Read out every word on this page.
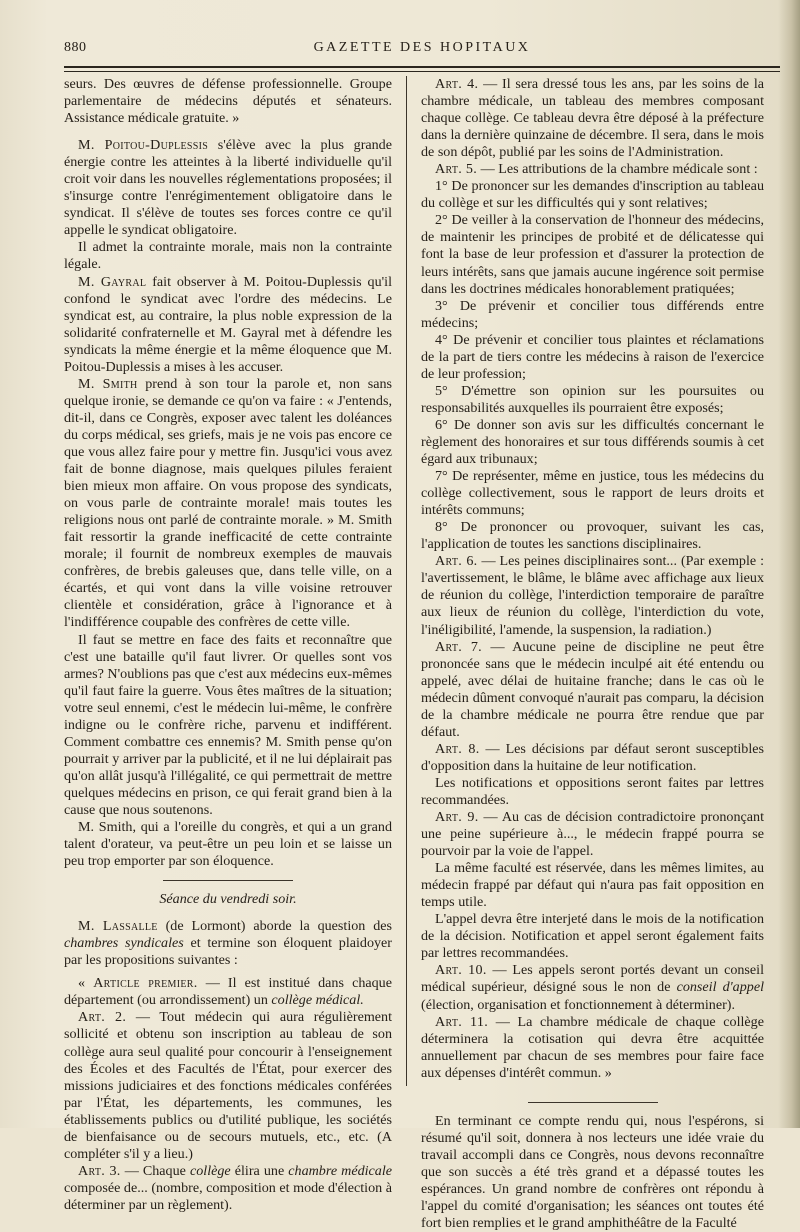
880	GAZETTE DES HOPITAUX

seurs. Des œuvres de défense professionnelle. Groupe parlementaire de médecins députés et sénateurs. Assistance médicale gratuite. »

M. Poitou-Duplessis s'élève avec la plus grande énergie contre les atteintes à la liberté individuelle qu'il croit voir dans les nouvelles réglementations proposées; il s'insurge contre l'enrégimentement obligatoire dans le syndicat. Il s'élève de toutes ses forces contre ce qu'il appelle le syndicat obligatoire.

Il admet la contrainte morale, mais non la contrainte légale.

M. Gayral fait observer à M. Poitou-Duplessis qu'il confond le syndicat avec l'ordre des médecins. Le syndicat est, au contraire, la plus noble expression de la solidarité confraternelle et M. Gayral met à défendre les syndicats la même énergie et la même éloquence que M. Poitou-Duplessis a mises à les accuser.

M. Smith prend à son tour la parole et, non sans quelque ironie, se demande ce qu'on va faire : « J'entends, dit-il, dans ce Congrès, exposer avec talent les doléances du corps médical, ses griefs, mais je ne vois pas encore ce que vous allez faire pour y mettre fin. Jusqu'ici vous avez fait de bonne diagnose, mais quelques pilules feraient bien mieux mon affaire. On vous propose des syndicats, on vous parle de contrainte morale! mais toutes les religions nous ont parlé de contrainte morale. » M. Smith fait ressortir la grande inefficacité de cette contrainte morale; il fournit de nombreux exemples de mauvais confrères, de brebis galeuses que, dans telle ville, on a écartés, et qui vont dans la ville voisine retrouver clientèle et considération, grâce à l'ignorance et à l'indifférence coupable des confrères de cette ville.

Il faut se mettre en face des faits et reconnaître que c'est une bataille qu'il faut livrer. Or quelles sont vos armes? N'oublions pas que c'est aux médecins eux-mêmes qu'il faut faire la guerre. Vous êtes maîtres de la situation; votre seul ennemi, c'est le médecin lui-même, le confrère indigne ou le confrère riche, parvenu et indifférent. Comment combattre ces ennemis? M. Smith pense qu'on pourrait y arriver par la publicité, et il ne lui déplairait pas qu'on allât jusqu'à l'illégalité, ce qui permettrait de mettre quelques médecins en prison, ce qui ferait grand bien à la cause que nous soutenons.

M. Smith, qui a l'oreille du congrès, et qui a un grand talent d'orateur, va peut-être un peu loin et se laisse un peu trop emporter par son éloquence.

Séance du vendredi soir.

M. Lassalle (de Lormont) aborde la question des chambres syndicales et termine son éloquent plaidoyer par les propositions suivantes :

« Article premier. — Il est institué dans chaque département (ou arrondissement) un collège médical.

Art. 2. — Tout médecin qui aura régulièrement sollicité et obtenu son inscription au tableau de son collège aura seul qualité pour concourir à l'enseignement des Écoles et des Facultés de l'État, pour exercer des missions judiciaires et des fonctions médicales conférées par l'État, les départements, les communes, les établissements publics ou d'utilité publique, les sociétés de bienfaisance ou de secours mutuels, etc., etc. (A compléter s'il y a lieu.)

Art. 3. — Chaque collège élira une chambre médicale composée de... (nombre, composition et mode d'élection à déterminer par un règlement).

Art. 4. — Il sera dressé tous les ans, par les soins de la chambre médicale, un tableau des membres composant chaque collège. Ce tableau devra être déposé à la préfecture dans la dernière quinzaine de décembre. Il sera, dans le mois de son dépôt, publié par les soins de l'Administration.

Art. 5. — Les attributions de la chambre médicale sont :

1° De prononcer sur les demandes d'inscription au tableau du collège et sur les difficultés qui y sont relatives;

2° De veiller à la conservation de l'honneur des médecins, de maintenir les principes de probité et de délicatesse qui font la base de leur profession et d'assurer la protection de leurs intérêts, sans que jamais aucune ingérence soit permise dans les doctrines médicales honorablement pratiquées;

3° De prévenir et concilier tous différends entre médecins;

4° De prévenir et concilier tous plaintes et réclamations de la part de tiers contre les médecins à raison de l'exercice de leur profession;

5° D'émettre son opinion sur les poursuites ou responsabilités auxquelles ils pourraient être exposés;

6° De donner son avis sur les difficultés concernant le règlement des honoraires et sur tous différends soumis à cet égard aux tribunaux;

7° De représenter, même en justice, tous les médecins du collège collectivement, sous le rapport de leurs droits et intérêts communs;

8° De prononcer ou provoquer, suivant les cas, l'application de toutes les sanctions disciplinaires.

Art. 6. — Les peines disciplinaires sont... (Par exemple : l'avertissement, le blâme, le blâme avec affichage aux lieux de réunion du collège, l'interdiction temporaire de paraître aux lieux de réunion du collège, l'interdiction du vote, l'inéligibilité, l'amende, la suspension, la radiation.)

Art. 7. — Aucune peine de discipline ne peut être prononcée sans que le médecin inculpé ait été entendu ou appelé, avec délai de huitaine franche; dans le cas où le médecin dûment convoqué n'aurait pas comparu, la décision de la chambre médicale ne pourra être rendue que par défaut.

Art. 8. — Les décisions par défaut seront susceptibles d'opposition dans la huitaine de leur notification.

Les notifications et oppositions seront faites par lettres recommandées.

Art. 9. — Au cas de décision contradictoire prononçant une peine supérieure à..., le médecin frappé pourra se pourvoir par la voie de l'appel.

La même faculté est réservée, dans les mêmes limites, au médecin frappé par défaut qui n'aura pas fait opposition en temps utile.

L'appel devra être interjeté dans le mois de la notification de la décision. Notification et appel seront également faits par lettres recommandées.

Art. 10. — Les appels seront portés devant un conseil médical supérieur, désigné sous le non de conseil d'appel (élection, organisation et fonctionnement à déterminer).

Art. 11. — La chambre médicale de chaque collège déterminera la cotisation qui devra être acquittée annuellement par chacun de ses membres pour faire face aux dépenses d'intérêt commun. »

En terminant ce compte rendu qui, nous l'espérons, si résumé qu'il soit, donnera à nos lecteurs une idée vraie du travail accompli dans ce Congrès, nous devons reconnaître que son succès a été très grand et a dépassé toutes les espérances. Un grand nombre de confrères ont répondu à l'appel du comité d'organisation; les séances ont toutes été fort bien remplies et le grand amphithéâtre de la Faculté
